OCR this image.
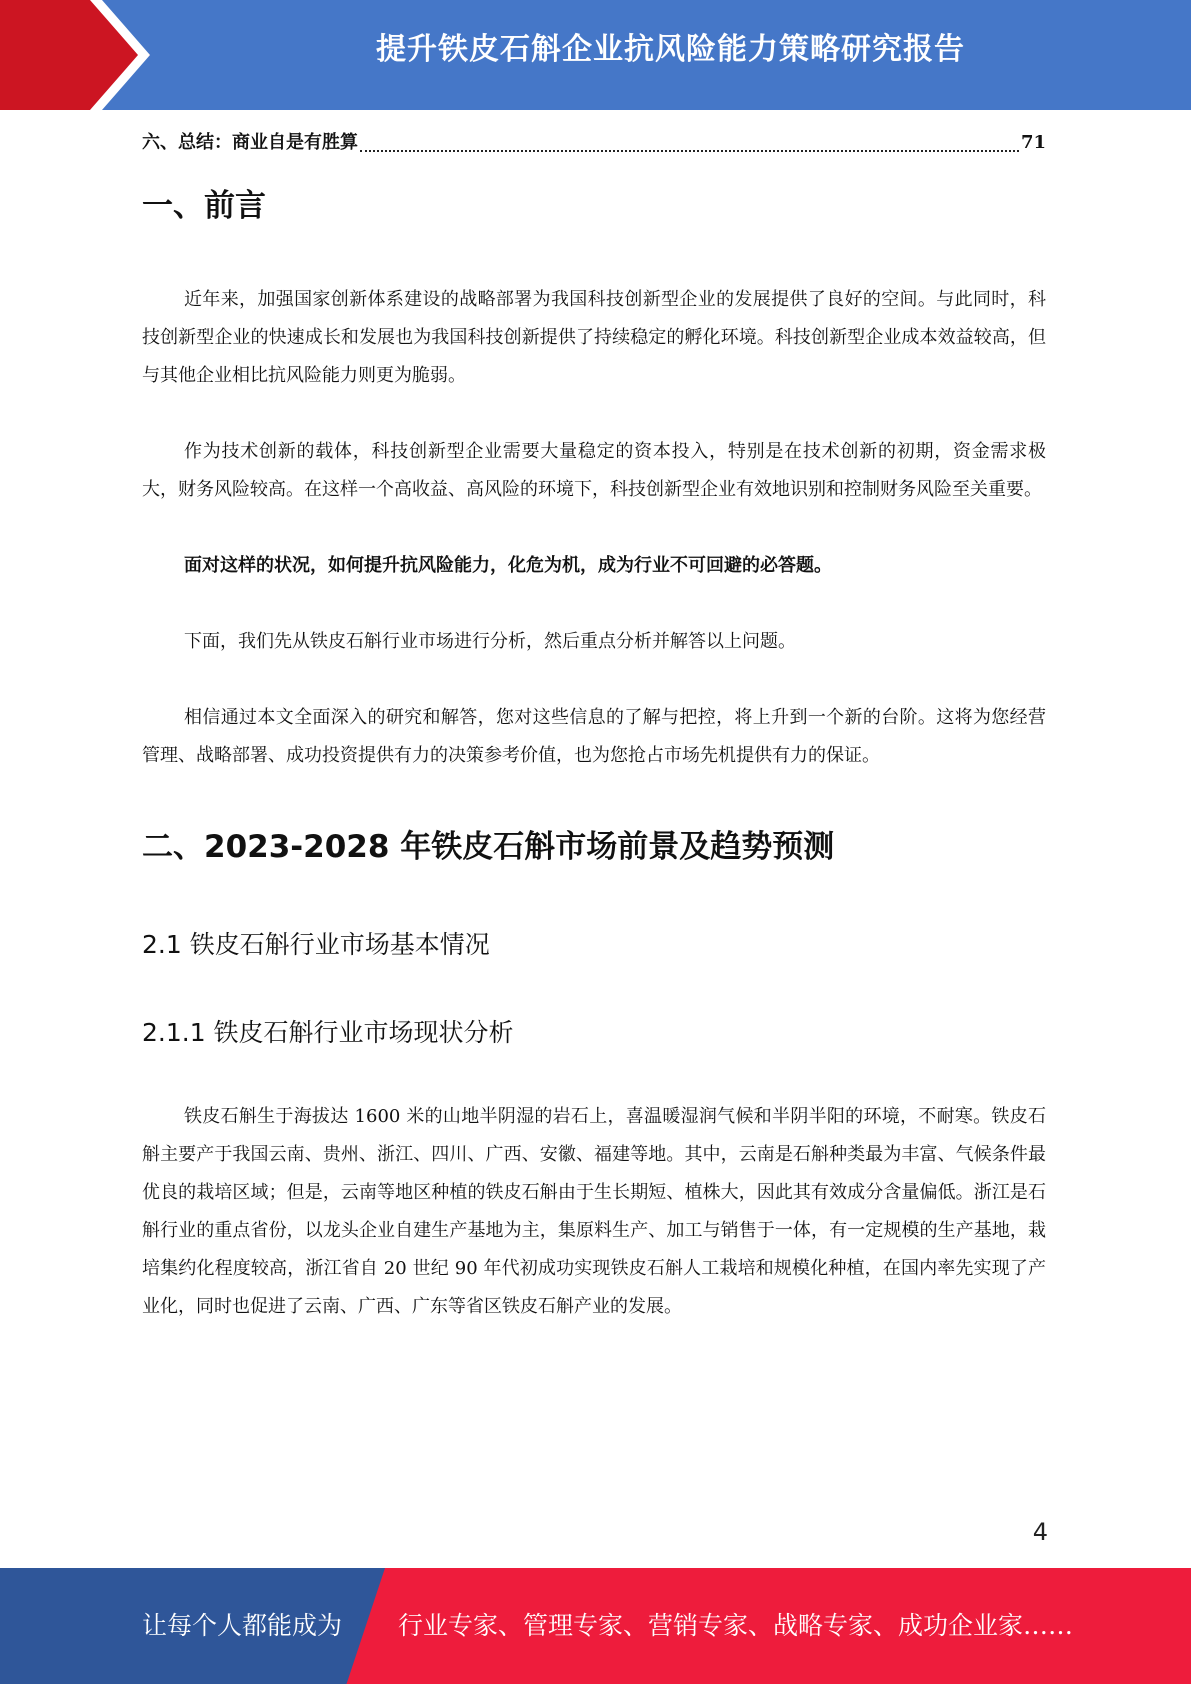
提升铁皮石斛企业抗风险能力策略研究报告
六、总结：商业自是有胜算	71
一、前言

近年来，加强国家创新体系建设的战略部署为我国科技创新型企业的发展提供了良好的空间。与此同时，科技创新型企业的快速成长和发展也为我国科技创新提供了持续稳定的孵化环境。科技创新型企业成本效益较高，但与其他企业相比抗风险能力则更为脆弱。

作为技术创新的载体，科技创新型企业需要大量稳定的资本投入，特别是在技术创新的初期，资金需求极大，财务风险较高。在这样一个高收益、高风险的环境下，科技创新型企业有效地识别和控制财务风险至关重要。

面对这样的状况，如何提升抗风险能力，化危为机，成为行业不可回避的必答题。

下面，我们先从铁皮石斛行业市场进行分析，然后重点分析并解答以上问题。

相信通过本文全面深入的研究和解答，您对这些信息的了解与把控，将上升到一个新的台阶。这将为您经营管理、战略部署、成功投资提供有力的决策参考价值，也为您抢占市场先机提供有力的保证。

二、2023-2028 年铁皮石斛市场前景及趋势预测
2.1 铁皮石斛行业市场基本情况
2.1.1 铁皮石斛行业市场现状分析

铁皮石斛生于海拔达 1600 米的山地半阴湿的岩石上，喜温暖湿润气候和半阴半阳的环境，不耐寒。铁皮石斛主要产于我国云南、贵州、浙江、四川、广西、安徽、福建等地。其中，云南是石斛种类最为丰富、气候条件最优良的栽培区域；但是，云南等地区种植的铁皮石斛由于生长期短、植株大，因此其有效成分含量偏低。浙江是石斛行业的重点省份，以龙头企业自建生产基地为主，集原料生产、加工与销售于一体，有一定规模的生产基地，栽培集约化程度较高，浙江省自 20 世纪 90 年代初成功实现铁皮石斛人工栽培和规模化种植，在国内率先实现了产业化，同时也促进了云南、广西、广东等省区铁皮石斛产业的发展。

4
让每个人都能成为 行业专家、管理专家、营销专家、战略专家、成功企业家……
